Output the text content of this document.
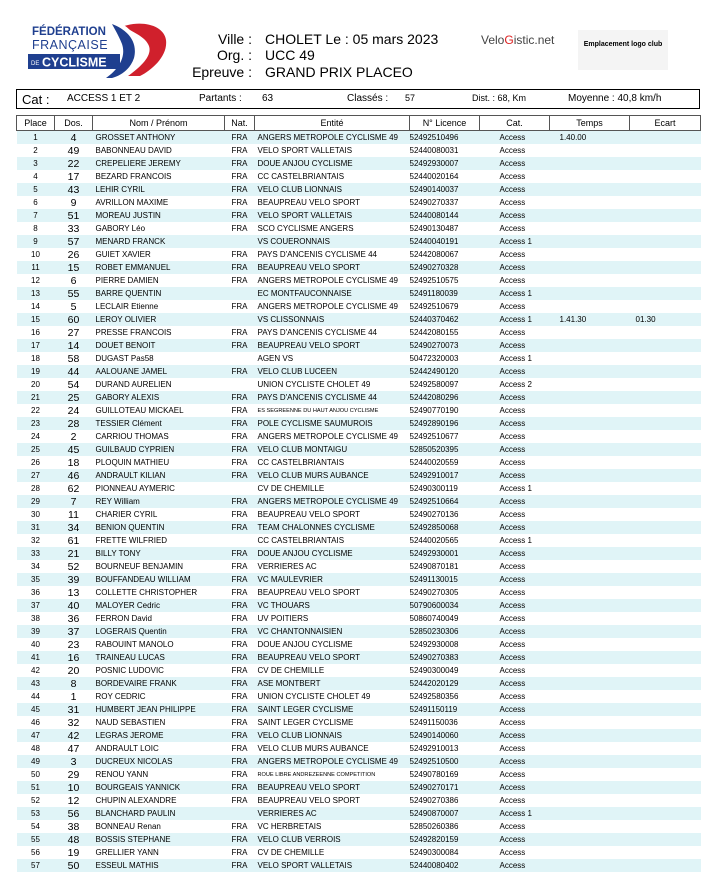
FÉDÉRATION
FRANÇAISE
DE CYCLISME
Ville : CHOLET Le : 05 mars 2023
Org. : UCC 49
Epreuve : GRAND PRIX PLACEO
VeloGistic.net	Emplacement logo club
Cat : ACCESS 1 ET 2	Partants : 63	Classés : 57	Dist. : 68, Km	Moyenne : 40,8 km/h
Place	Dos.	Nom / Prénom	Nat.	Entité	N° Licence	Cat.	Temps	Ecart
1	4	GROSSET ANTHONY	FRA	ANGERS METROPOLE CYCLISME 49	52492510496	Access	1.40.00	
2	49	BABONNEAU DAVID	FRA	VELO SPORT VALLETAIS	52440080031	Access		
3	22	CREPELIERE JEREMY	FRA	DOUE ANJOU CYCLISME	52492930007	Access		
4	17	BEZARD FRANCOIS	FRA	CC CASTELBRIANTAIS	52440020164	Access		
5	43	LEHIR CYRIL	FRA	VELO CLUB LIONNAIS	52490140037	Access		
6	9	AVRILLON MAXIME	FRA	BEAUPREAU VELO SPORT	52490270337	Access		
7	51	MOREAU JUSTIN	FRA	VELO SPORT VALLETAIS	52440080144	Access		
8	33	GABORY Léo	FRA	SCO CYCLISME ANGERS	52490130487	Access		
9	57	MENARD FRANCK		VS COUERONNAIS	52440040191	Access 1		
10	26	GUIET XAVIER	FRA	PAYS D'ANCENIS CYCLISME 44	52442080067	Access		
11	15	ROBET EMMANUEL	FRA	BEAUPREAU VELO SPORT	52490270328	Access		
12	6	PIERRE DAMIEN	FRA	ANGERS METROPOLE CYCLISME 49	52492510575	Access		
13	55	BARRE QUENTIN		EC MONTFAUCONNAISE	52491180039	Access 1		
14	5	LECLAIR Etienne	FRA	ANGERS METROPOLE CYCLISME 49	52492510679	Access		
15	60	LEROY OLIVIER		VS CLISSONNAIS	52440370462	Access 1	1.41.30	01.30
16	27	PRESSE FRANCOIS	FRA	PAYS D'ANCENIS CYCLISME 44	52442080155	Access		
17	14	DOUET BENOIT	FRA	BEAUPREAU VELO SPORT	52490270073	Access		
18	58	DUGAST Pas58		AGEN VS	50472320003	Access 1		
19	44	AALOUANE JAMEL	FRA	VELO CLUB LUCEEN	52442490120	Access		
20	54	DURAND AURELIEN		UNION CYCLISTE CHOLET 49	52492580097	Access 2		
21	25	GABORY ALEXIS	FRA	PAYS D'ANCENIS CYCLISME 44	52442080296	Access		
22	24	GUILLOTEAU MICKAEL	FRA	ES SEGREENNE DU HAUT ANJOU CYCLISME	52490770190	Access		
23	28	TESSIER Clément	FRA	POLE CYCLISME SAUMUROIS	52492890196	Access		
24	2	CARRIOU THOMAS	FRA	ANGERS METROPOLE CYCLISME 49	52492510677	Access		
25	45	GUILBAUD CYPRIEN	FRA	VELO CLUB MONTAIGU	52850520395	Access		
26	18	PLOQUIN MATHIEU	FRA	CC CASTELBRIANTAIS	52440020559	Access		
27	46	ANDRAULT KILIAN	FRA	VELO CLUB MURS AUBANCE	52492910017	Access		
28	62	PIONNEAU AYMERIC		CV DE CHEMILLE	52490300119	Access 1		
29	7	REY William	FRA	ANGERS METROPOLE CYCLISME 49	52492510664	Access		
30	11	CHARIER CYRIL	FRA	BEAUPREAU VELO SPORT	52490270136	Access		
31	34	BENION QUENTIN	FRA	TEAM CHALONNES CYCLISME	52492850068	Access		
32	61	FRETTE WILFRIED		CC CASTELBRIANTAIS	52440020565	Access 1		
33	21	BILLY TONY	FRA	DOUE ANJOU CYCLISME	52492930001	Access		
34	52	BOURNEUF BENJAMIN	FRA	VERRIERES AC	52490870181	Access		
35	39	BOUFFANDEAU WILLIAM	FRA	VC MAULEVRIER	52491130015	Access		
36	13	COLLETTE CHRISTOPHER	FRA	BEAUPREAU VELO SPORT	52490270305	Access		
37	40	MALOYER Cedric	FRA	VC THOUARS	50790600034	Access		
38	36	FERRON David	FRA	UV POITIERS	50860740049	Access		
39	37	LOGERAIS Quentin	FRA	VC CHANTONNAISIEN	52850230306	Access		
40	23	RABOUINT MANOLO	FRA	DOUE ANJOU CYCLISME	52492930008	Access		
41	16	TRAINEAU LUCAS	FRA	BEAUPREAU VELO SPORT	52490270383	Access		
42	20	POSNIC LUDOVIC	FRA	CV DE CHEMILLE	52490300049	Access		
43	8	BORDEVAIRE FRANK	FRA	ASE MONTBERT	52442020129	Access		
44	1	ROY CEDRIC	FRA	UNION CYCLISTE CHOLET 49	52492580356	Access		
45	31	HUMBERT JEAN PHILIPPE	FRA	SAINT LEGER CYCLISME	52491150119	Access		
46	32	NAUD SEBASTIEN	FRA	SAINT LEGER CYCLISME	52491150036	Access		
47	42	LEGRAS JEROME	FRA	VELO CLUB LIONNAIS	52490140060	Access		
48	47	ANDRAULT LOIC	FRA	VELO CLUB MURS AUBANCE	52492910013	Access		
49	3	DUCREUX NICOLAS	FRA	ANGERS METROPOLE CYCLISME 49	52492510500	Access		
50	29	RENOU YANN	FRA	ROUE LIBRE ANDREZEENNE COMPETITION	52490780169	Access		
51	10	BOURGEAIS YANNICK	FRA	BEAUPREAU VELO SPORT	52490270171	Access		
52	12	CHUPIN ALEXANDRE	FRA	BEAUPREAU VELO SPORT	52490270386	Access		
53	56	BLANCHARD PAULIN		VERRIERES AC	52490870007	Access 1		
54	38	BONNEAU Renan	FRA	VC HERBRETAIS	52850260386	Access		
55	48	BOSSIS STEPHANE	FRA	VELO CLUB VERROIS	52492820159	Access		
56	19	GRELLIER YANN	FRA	CV DE CHEMILLE	52490300084	Access		
57	50	ESSEUL MATHIS	FRA	VELO SPORT VALLETAIS	52440080402	Access		
